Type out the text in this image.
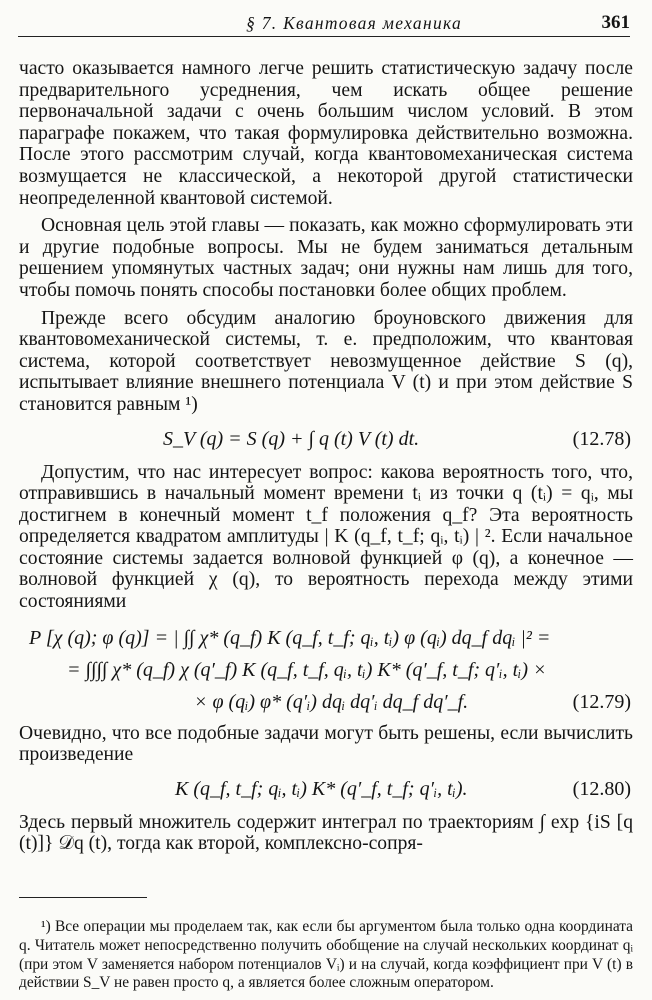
§ 7. Квантовая механика	361

часто оказывается намного легче решить статистическую задачу после предварительного усреднения, чем искать общее решение первоначальной задачи с очень большим числом условий. В этом параграфе покажем, что такая формулировка действительно возможна. После этого рассмотрим случай, когда квантовомеханическая система возмущается не классической, а некоторой другой статистически неопределенной квантовой системой.

Основная цель этой главы — показать, как можно сформулировать эти и другие подобные вопросы. Мы не будем заниматься детальным решением упомянутых частных задач; они нужны нам лишь для того, чтобы помочь понять способы постановки более общих проблем.

Прежде всего обсудим аналогию броуновского движения для квантовомеханической системы, т. е. предположим, что квантовая система, которой соответствует невозмущенное действие S (q), испытывает влияние внешнего потенциала V (t) и при этом действие S становится равным ¹)

S_V (q) = S (q) + ∫ q (t) V (t) dt.	(12.78)

Допустим, что нас интересует вопрос: какова вероятность того, что, отправившись в начальный момент времени tᵢ из точки q (tᵢ) = qᵢ, мы достигнем в конечный момент t_f положения q_f? Эта вероятность определяется квадратом амплитуды | K (q_f, t_f; qᵢ, tᵢ) | ². Если начальное состояние системы задается волновой функцией φ (q), а конечное — волновой функцией χ (q), то вероятность перехода между этими состояниями

P [χ (q); φ (q)] = | ∫∫ χ* (q_f) K (q_f, t_f; qᵢ, tᵢ) φ (qᵢ) dq_f dqᵢ |² =
= ∫∫∫∫ χ* (q_f) χ (q′_f) K (q_f, t_f, qᵢ, tᵢ) K* (q′_f, t_f; q′ᵢ, tᵢ) ×
× φ (qᵢ) φ* (q′ᵢ) dqᵢ dq′ᵢ dq_f dq′_f.	(12.79)

Очевидно, что все подобные задачи могут быть решены, если вычислить произведение

K (q_f, t_f; qᵢ, tᵢ) K* (q′_f, t_f; q′ᵢ, tᵢ).	(12.80)

Здесь первый множитель содержит интеграл по траекториям ∫ exp {iS [q (t)]} 𝒟q (t), тогда как второй, комплексно-сопря-

¹) Все операции мы проделаем так, как если бы аргументом была только одна координата q. Читатель может непосредственно получить обобщение на случай нескольких координат qᵢ (при этом V заменяется набором потенциалов Vᵢ) и на случай, когда коэффициент при V (t) в действии S_V не равен просто q, а является более сложным оператором.
